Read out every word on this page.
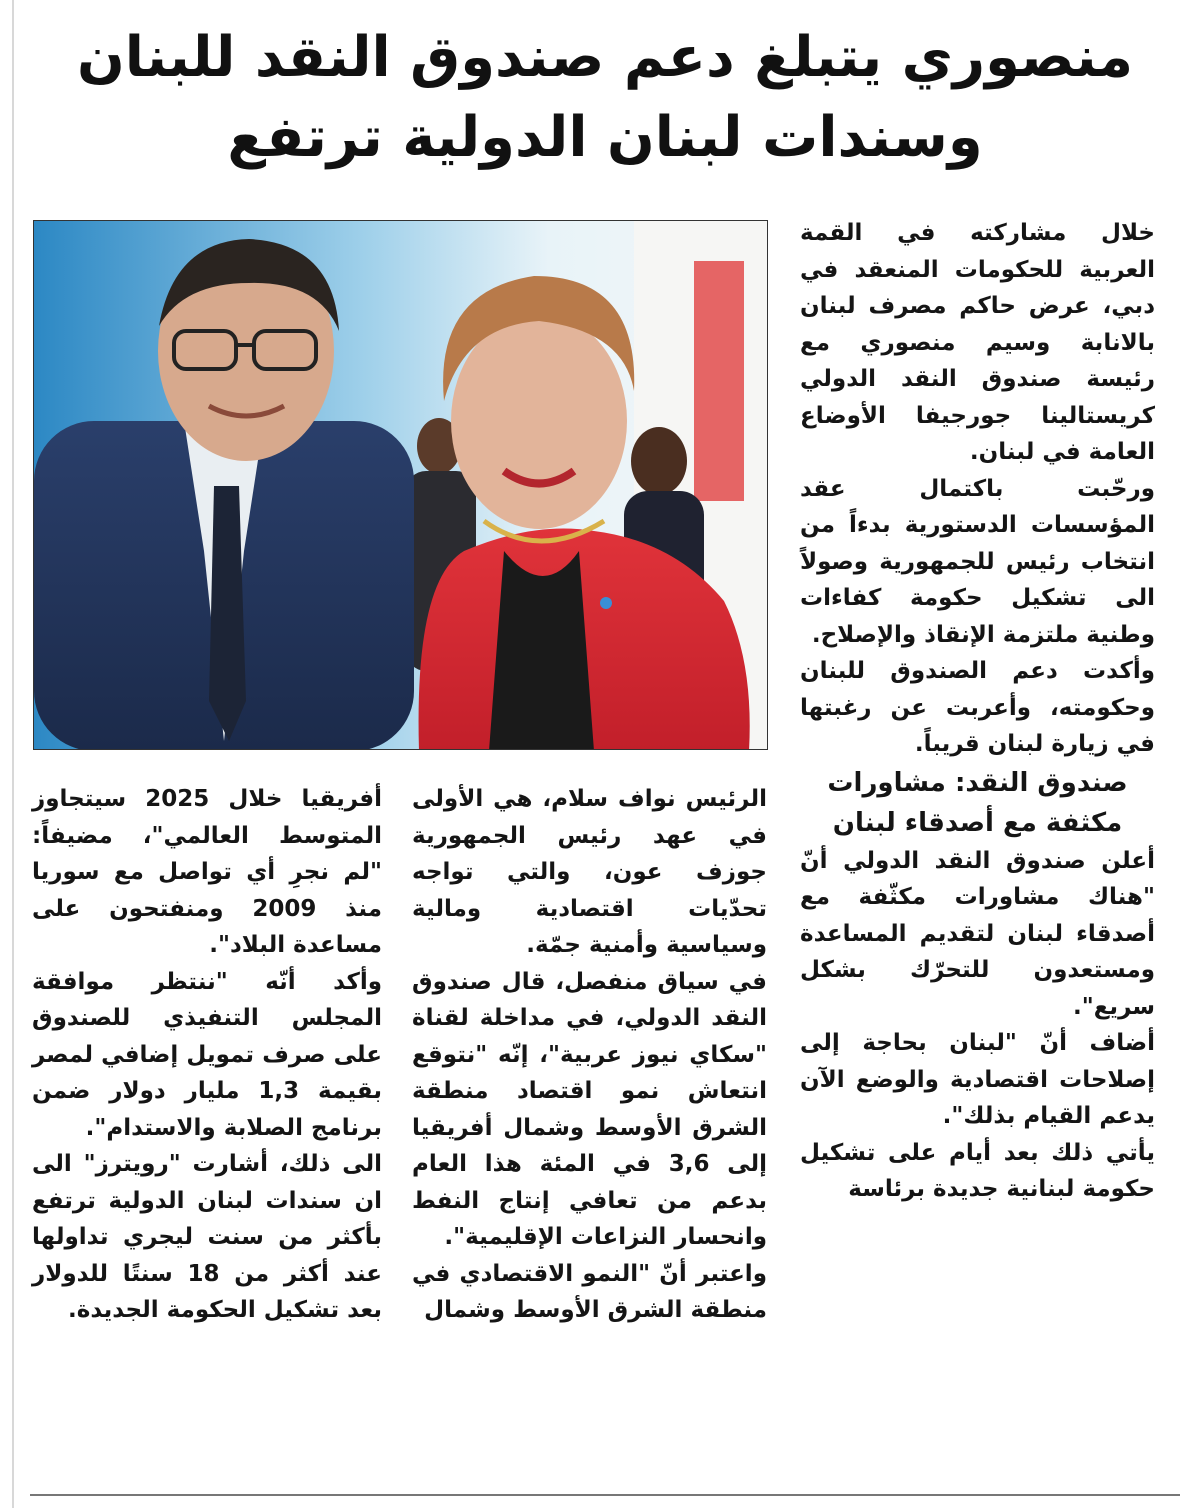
منصوري يتبلغ دعم صندوق النقد للبنان
وسندات لبنان الدولية ترتفع

خلال مشاركته في القمة العربية للحكومات المنعقد في دبي، عرض حاكم مصرف لبنان بالانابة وسيم منصوري مع رئيسة صندوق النقد الدولي كريستالينا جورجيفا الأوضاع العامة في لبنان.

ورحّبت باكتمال عقد المؤسسات الدستورية بدءاً من انتخاب رئيس للجمهورية وصولاً الى تشكيل حكومة كفاءات وطنية ملتزمة الإنقاذ والإصلاح.

وأكدت دعم الصندوق للبنان وحكومته، وأعربت عن رغبتها في زيارة لبنان قريباً.

صندوق النقد: مشاورات مكثفة مع أصدقاء لبنان

أعلن صندوق النقد الدولي أنّ "هناك مشاورات مكثّفة مع أصدقاء لبنان لتقديم المساعدة ومستعدون للتحرّك بشكل سريع".

أضاف أنّ "لبنان بحاجة إلى إصلاحات اقتصادية والوضع الآن يدعم القيام بذلك".

يأتي ذلك بعد أيام على تشكيل حكومة لبنانية جديدة برئاسة

الرئيس نواف سلام، هي الأولى في عهد رئيس الجمهورية جوزف عون، والتي تواجه تحدّيات اقتصادية ومالية وسياسية وأمنية جمّة.

في سياق منفصل، قال صندوق النقد الدولي، في مداخلة لقناة "سكاي نيوز عربية"، إنّه "نتوقع انتعاش نمو اقتصاد منطقة الشرق الأوسط وشمال أفريقيا إلى 3,6 في المئة هذا العام بدعم من تعافي إنتاج النفط وانحسار النزاعات الإقليمية".

واعتبر أنّ "النمو الاقتصادي في منطقة الشرق الأوسط وشمال

أفريقيا خلال 2025 سيتجاوز المتوسط العالمي"، مضيفاً: "لم نجرِ أي تواصل مع سوريا منذ 2009 ومنفتحون على مساعدة البلاد".

وأكد أنّه "ننتظر موافقة المجلس التنفيذي للصندوق على صرف تمويل إضافي لمصر بقيمة 1,3 مليار دولار ضمن برنامج الصلابة والاستدام".

الى ذلك، أشارت "رويترز" الى ان سندات لبنان الدولية ترتفع بأكثر من سنت ليجري تداولها عند أكثر من 18 سنتًا للدولار بعد تشكيل الحكومة الجديدة.
